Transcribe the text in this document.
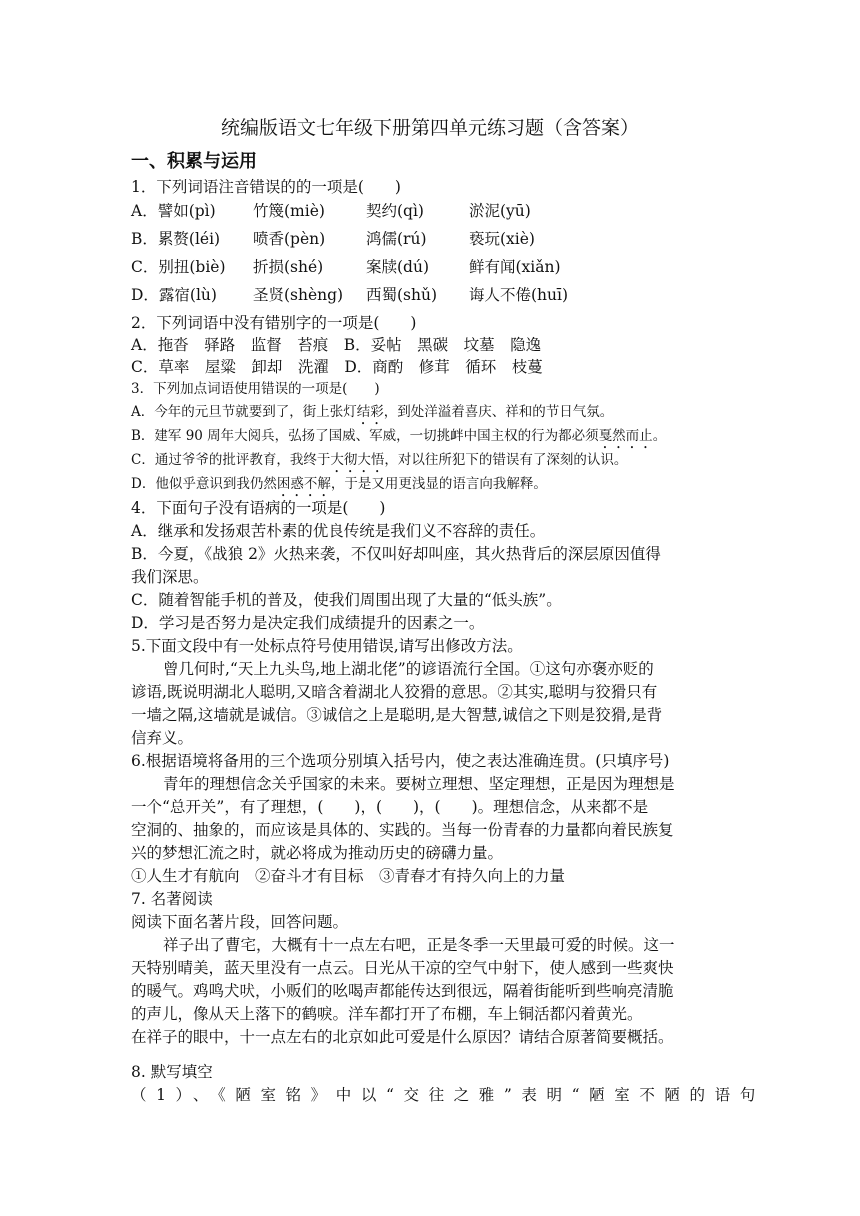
统编版语文七年级下册第四单元练习题（含答案）
一、积累与运用
1．下列词语注音错误的的一项是(　　)
A．譬如(pì) 竹篾(miè)	契约(qì)	淤泥(yū)
B．累赘(léi) 喷香(pèn)	鸿儒(rú)	亵玩(xiè)
C．别扭(biè) 折损(shé)	案牍(dú)	鲜有闻(xiǎn)
D．露宿(lù) 圣贤(shèng) 西蜀(shǔ) 诲人不倦(huī)
2．下列词语中没有错别字的一项是(　　)
A．拖沓　驿路　监督　苔痕　B．妥帖　黑碳　坟墓　隐逸
C．草率　屋粱　卸却　洗濯　D．商酌　修茸　循环　枝蔓
3．下列加点词语使用错误的一项是(　　)
A．今年的元旦节就要到了，街上张灯结彩，到处洋溢着喜庆、祥和的节日气氛。
B．建军 90 周年大阅兵，弘扬了国威、军威，一切挑衅中国主权的行为都必须戛然而止。
C．通过爷爷的批评教育，我终于大彻大悟，对以往所犯下的错误有了深刻的认识。
D．他似乎意识到我仍然困惑不解，于是又用更浅显的语言向我解释。
4．下面句子没有语病的一项是(　　)
A．继承和发扬艰苦朴素的优良传统是我们义不容辞的责任。
B．今夏，《战狼 2》火热来袭，不仅叫好却叫座，其火热背后的深层原因值得
我们深思。
C．随着智能手机的普及，使我们周围出现了大量的“低头族”。
D．学习是否努力是决定我们成绩提升的因素之一。
5.下面文段中有一处标点符号使用错误,请写出修改方法。
曾几何时,“天上九头鸟,地上湖北佬”的谚语流行全国。①这句亦褒亦贬的
谚语,既说明湖北人聪明,又暗含着湖北人狡猾的意思。②其实,聪明与狡猾只有
一墙之隔,这墙就是诚信。③诚信之上是聪明,是大智慧,诚信之下则是狡猾,是背
信弃义。
6.根据语境将备用的三个选项分别填入括号内，使之表达准确连贯。(只填序号)
青年的理想信念关乎国家的未来。要树立理想、坚定理想，正是因为理想是
一个“总开关”，有了理想，(　　)，(　　)，(　　)。理想信念，从来都不是
空洞的、抽象的，而应该是具体的、实践的。当每一份青春的力量都向着民族复
兴的梦想汇流之时，就必将成为推动历史的磅礴力量。
①人生才有航向　②奋斗才有目标　③青春才有持久向上的力量
7. 名著阅读
阅读下面名著片段，回答问题。
祥子出了曹宅，大概有十一点左右吧，正是冬季一天里最可爱的时候。这一
天特别晴美，蓝天里没有一点云。日光从干凉的空气中射下，使人感到一些爽快
的暖气。鸡鸣犬吠，小贩们的吆喝声都能传达到很远，隔着街能听到些响亮清脆
的声儿，像从天上落下的鹤唳。洋车都打开了布棚，车上铜活都闪着黄光。
在祥子的眼中，十一点左右的北京如此可爱是什么原因？请结合原著简要概括。
8. 默写填空
（1）、《陋室铭》中以“交往之雅”表明“陋室不陋的语句
